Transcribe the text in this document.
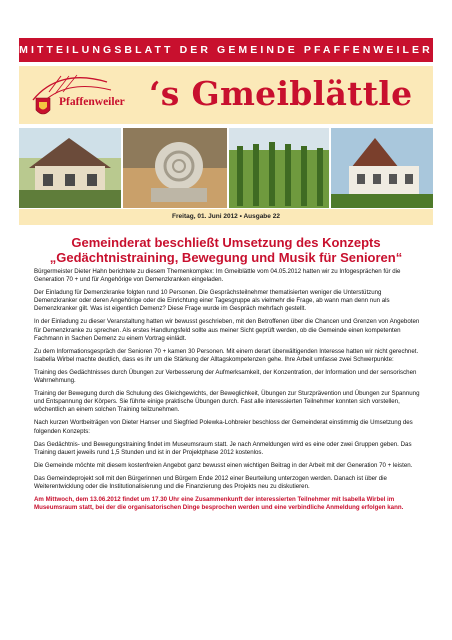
MITTEILUNGSBLATT DER GEMEINDE PFAFFENWEILER
Pfaffenweiler ‘s Gmeiblättle
Freitag, 01. Juni 2012 • Ausgabe 22
Gemeinderat beschließt Umsetzung des Konzepts
„Gedächtnistraining, Bewegung und Musik für Senioren“

Bürgermeister Dieter Hahn berichtete zu diesem Themenkomplex: Im Gmeiblättle vom 04.05.2012 hatten wir zu Infogesprächen für die Generation 70 + und für Angehörige von Demenzkranken eingeladen.

Der Einladung für Demenzkranke folgten rund 10 Personen. Die Gesprächsteilnehmer thematisierten weniger die Unterstützung Demenzkranker oder deren Angehörige oder die Einrichtung einer Tagesgruppe als vielmehr die Frage, ab wann man denn nun als Demenzkranker gilt. Was ist eigentlich Demenz? Diese Frage wurde im Gespräch mehrfach gestellt.

In der Einladung zu dieser Veranstaltung hatten wir bewusst geschrieben, mit den Betroffenen über die Chancen und Grenzen von Angeboten für Demenzkranke zu sprechen. Als erstes Handlungsfeld sollte aus meiner Sicht geprüft werden, ob die Gemeinde einen kompetenten Fachmann in Sachen Demenz zu einem Vortrag einlädt.

Zu dem Informationsgespräch der Senioren 70 + kamen 30 Personen. Mit einem derart überwältigenden Interesse hatten wir nicht gerechnet. Isabella Wirbel machte deutlich, dass es ihr um die Stärkung der Alltagskompetenzen gehe. Ihre Arbeit umfasse zwei Schwerpunkte:

Training des Gedächtnisses durch Übungen zur Verbesserung der Aufmerksamkeit, der Konzentration, der Information und der sensorischen Wahrnehmung.

Training der Bewegung durch die Schulung des Gleichgewichts, der Beweglichkeit, Übungen zur Sturzprävention und Übungen zur Spannung und Entspannung der Körpers. Sie führte einige praktische Übungen durch. Fast alle interessierten Teilnehmer konnten sich vorstellen, wöchentlich an einem solchen Training teilzunehmen.

Nach kurzen Wortbeiträgen von Dieter Hanser und Siegfried Polewka-Lohbreier beschloss der Gemeinderat einstimmig die Umsetzung des folgenden Konzepts:

Das Gedächtnis- und Bewegungstraining findet im Museumsraum statt. Je nach Anmeldungen wird es eine oder zwei Gruppen geben. Das Training dauert jeweils rund 1,5 Stunden und ist in der Projektphase 2012 kostenlos.

Die Gemeinde möchte mit diesem kostenfreien Angebot ganz bewusst einen wichtigen Beitrag in der Arbeit mit der Generation 70 + leisten.

Das Gemeindeprojekt soll mit den Bürgerinnen und Bürgern Ende 2012 einer Beurteilung unterzogen werden. Danach ist über die Weiterentwicklung oder die Institutionalisierung und die Finanzierung des Projekts neu zu diskutieren.

Am Mittwoch, dem 13.06.2012 findet um 17.30 Uhr eine Zusammenkunft der interessierten Teilnehmer mit Isabella Wirbel im Museumsraum statt, bei der die organisatorischen Dinge besprochen werden und eine verbindliche Anmeldung erfolgen kann.
